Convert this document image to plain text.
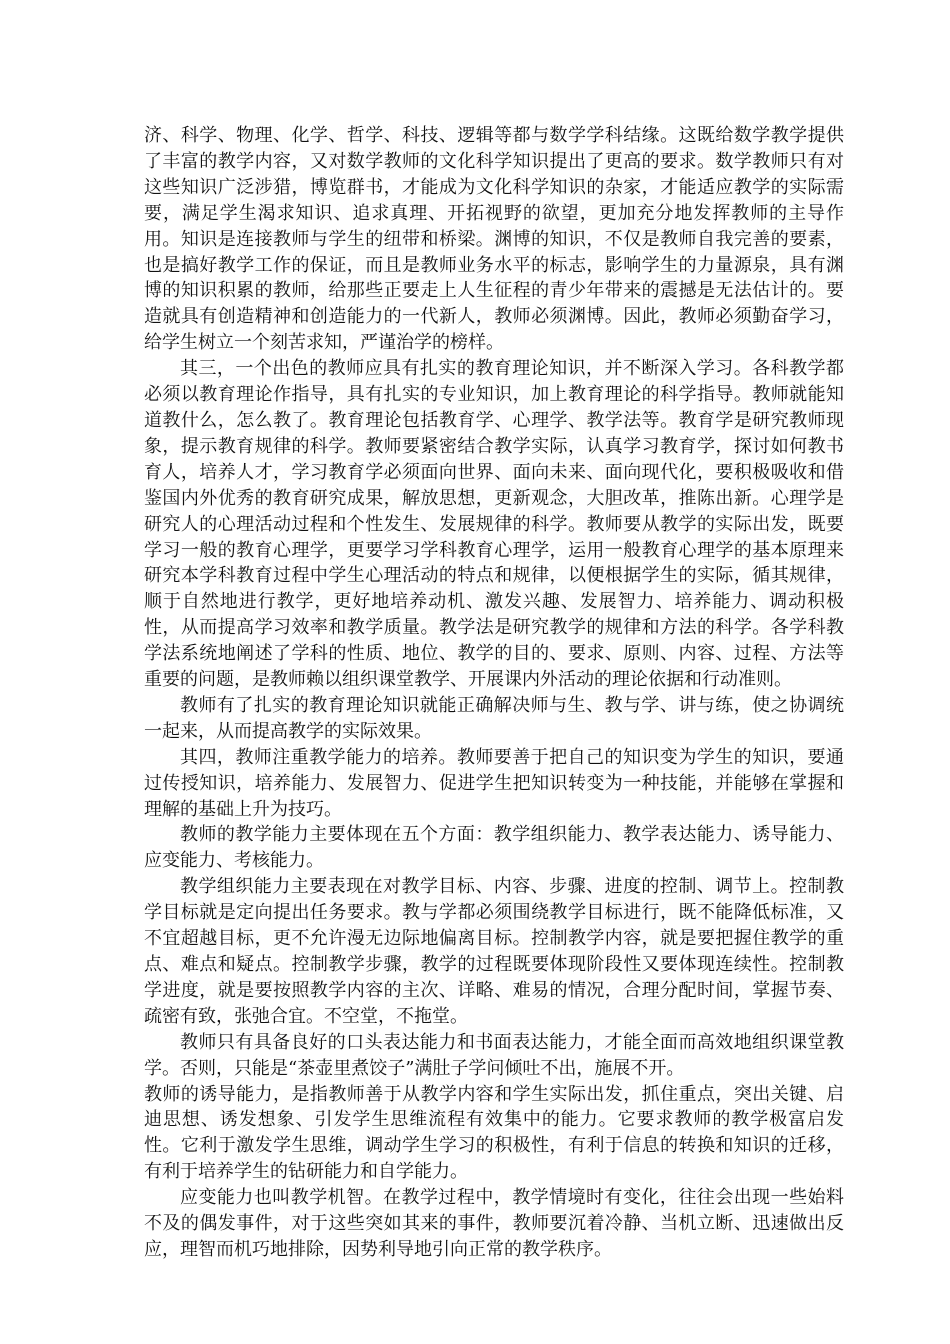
济、科学、物理、化学、哲学、科技、逻辑等都与数学学科结缘。这既给数学教学提供了丰富的教学内容，又对数学教师的文化科学知识提出了更高的要求。数学教师只有对这些知识广泛涉猎，博览群书，才能成为文化科学知识的杂家，才能适应教学的实际需要，满足学生渴求知识、追求真理、开拓视野的欲望，更加充分地发挥教师的主导作用。知识是连接教师与学生的纽带和桥梁。渊博的知识，不仅是教师自我完善的要素，也是搞好教学工作的保证，而且是教师业务水平的标志，影响学生的力量源泉，具有渊博的知识积累的教师，给那些正要走上人生征程的青少年带来的震撼是无法估计的。要造就具有创造精神和创造能力的一代新人，教师必须渊博。因此，教师必须勤奋学习，给学生树立一个刻苦求知，严谨治学的榜样。

其三，一个出色的教师应具有扎实的教育理论知识，并不断深入学习。各科教学都必须以教育理论作指导，具有扎实的专业知识，加上教育理论的科学指导。教师就能知道教什么，怎么教了。教育理论包括教育学、心理学、教学法等。教育学是研究教师现象，提示教育规律的科学。教师要紧密结合教学实际，认真学习教育学，探讨如何教书育人，培养人才，学习教育学必须面向世界、面向未来、面向现代化，要积极吸收和借鉴国内外优秀的教育研究成果，解放思想，更新观念，大胆改革，推陈出新。心理学是研究人的心理活动过程和个性发生、发展规律的科学。教师要从教学的实际出发，既要学习一般的教育心理学，更要学习学科教育心理学，运用一般教育心理学的基本原理来研究本学科教育过程中学生心理活动的特点和规律，以便根据学生的实际，循其规律，顺于自然地进行教学，更好地培养动机、激发兴趣、发展智力、培养能力、调动积极性，从而提高学习效率和教学质量。教学法是研究教学的规律和方法的科学。各学科教学法系统地阐述了学科的性质、地位、教学的目的、要求、原则、内容、过程、方法等重要的问题，是教师赖以组织课堂教学、开展课内外活动的理论依据和行动准则。

教师有了扎实的教育理论知识就能正确解决师与生、教与学、讲与练，使之协调统一起来，从而提高教学的实际效果。

其四，教师注重教学能力的培养。教师要善于把自己的知识变为学生的知识，要通过传授知识，培养能力、发展智力、促进学生把知识转变为一种技能，并能够在掌握和理解的基础上升为技巧。

教师的教学能力主要体现在五个方面：教学组织能力、教学表达能力、诱导能力、应变能力、考核能力。

教学组织能力主要表现在对教学目标、内容、步骤、进度的控制、调节上。控制教学目标就是定向提出任务要求。教与学都必须围绕教学目标进行，既不能降低标准，又不宜超越目标，更不允许漫无边际地偏离目标。控制教学内容，就是要把握住教学的重点、难点和疑点。控制教学步骤，教学的过程既要体现阶段性又要体现连续性。控制教学进度，就是要按照教学内容的主次、详略、难易的情况，合理分配时间，掌握节奏、疏密有致，张弛合宜。不空堂，不拖堂。

教师只有具备良好的口头表达能力和书面表达能力，才能全面而高效地组织课堂教学。否则，只能是“茶壶里煮饺子”满肚子学问倾吐不出，施展不开。

教师的诱导能力，是指教师善于从教学内容和学生实际出发，抓住重点，突出关键、启迪思想、诱发想象、引发学生思维流程有效集中的能力。它要求教师的教学极富启发性。它利于激发学生思维，调动学生学习的积极性，有利于信息的转换和知识的迁移，有利于培养学生的钻研能力和自学能力。

应变能力也叫教学机智。在教学过程中，教学情境时有变化，往往会出现一些始料不及的偶发事件，对于这些突如其来的事件，教师要沉着冷静、当机立断、迅速做出反应，理智而机巧地排除，因势利导地引向正常的教学秩序。
